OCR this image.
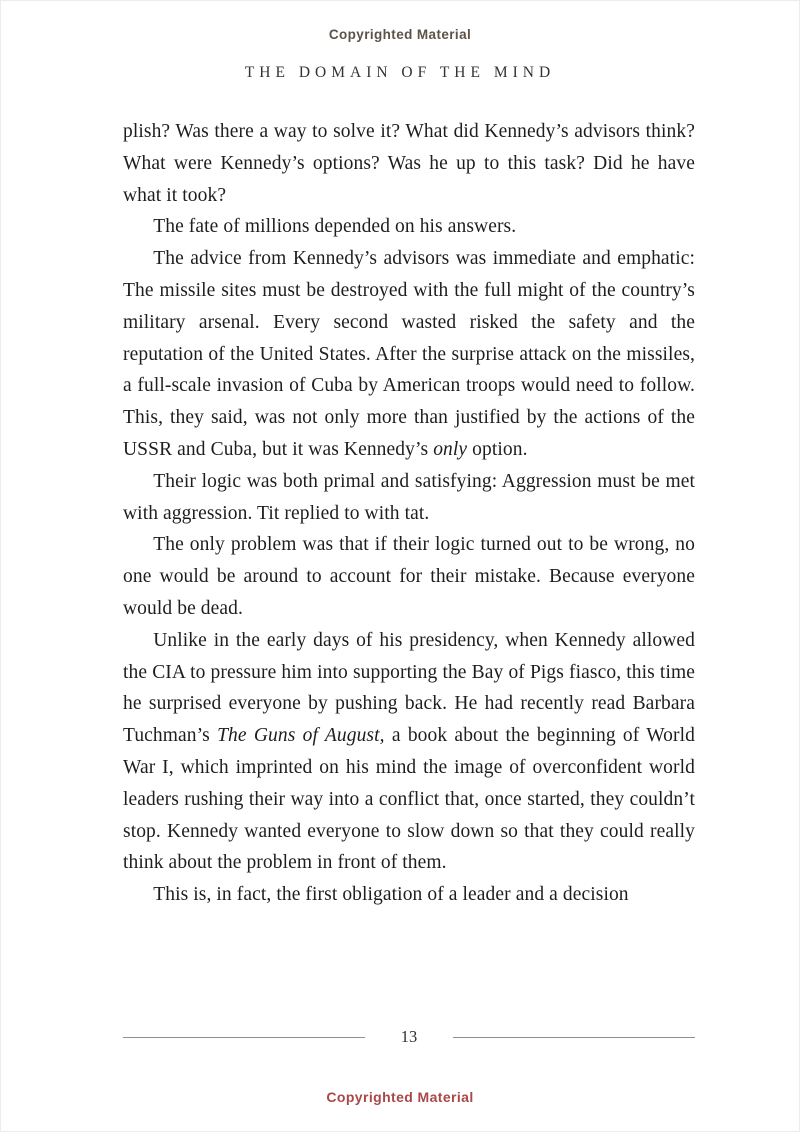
Copyrighted Material
THE DOMAIN OF THE MIND

plish? Was there a way to solve it? What did Kennedy’s advisors think? What were Kennedy’s options? Was he up to this task? Did he have what it took?

The fate of millions depended on his answers.

The advice from Kennedy’s advisors was immediate and emphatic: The missile sites must be destroyed with the full might of the country’s military arsenal. Every second wasted risked the safety and the reputation of the United States. After the surprise attack on the missiles, a full-scale invasion of Cuba by American troops would need to follow. This, they said, was not only more than justified by the actions of the USSR and Cuba, but it was Kennedy’s only option.

Their logic was both primal and satisfying: Aggression must be met with aggression. Tit replied to with tat.

The only problem was that if their logic turned out to be wrong, no one would be around to account for their mistake. Because everyone would be dead.

Unlike in the early days of his presidency, when Kennedy allowed the CIA to pressure him into supporting the Bay of Pigs fiasco, this time he surprised everyone by pushing back. He had recently read Barbara Tuchman’s The Guns of August, a book about the beginning of World War I, which imprinted on his mind the image of overconfident world leaders rushing their way into a conflict that, once started, they couldn’t stop. Kennedy wanted everyone to slow down so that they could really think about the problem in front of them.

This is, in fact, the first obligation of a leader and a decision

13
Copyrighted Material
